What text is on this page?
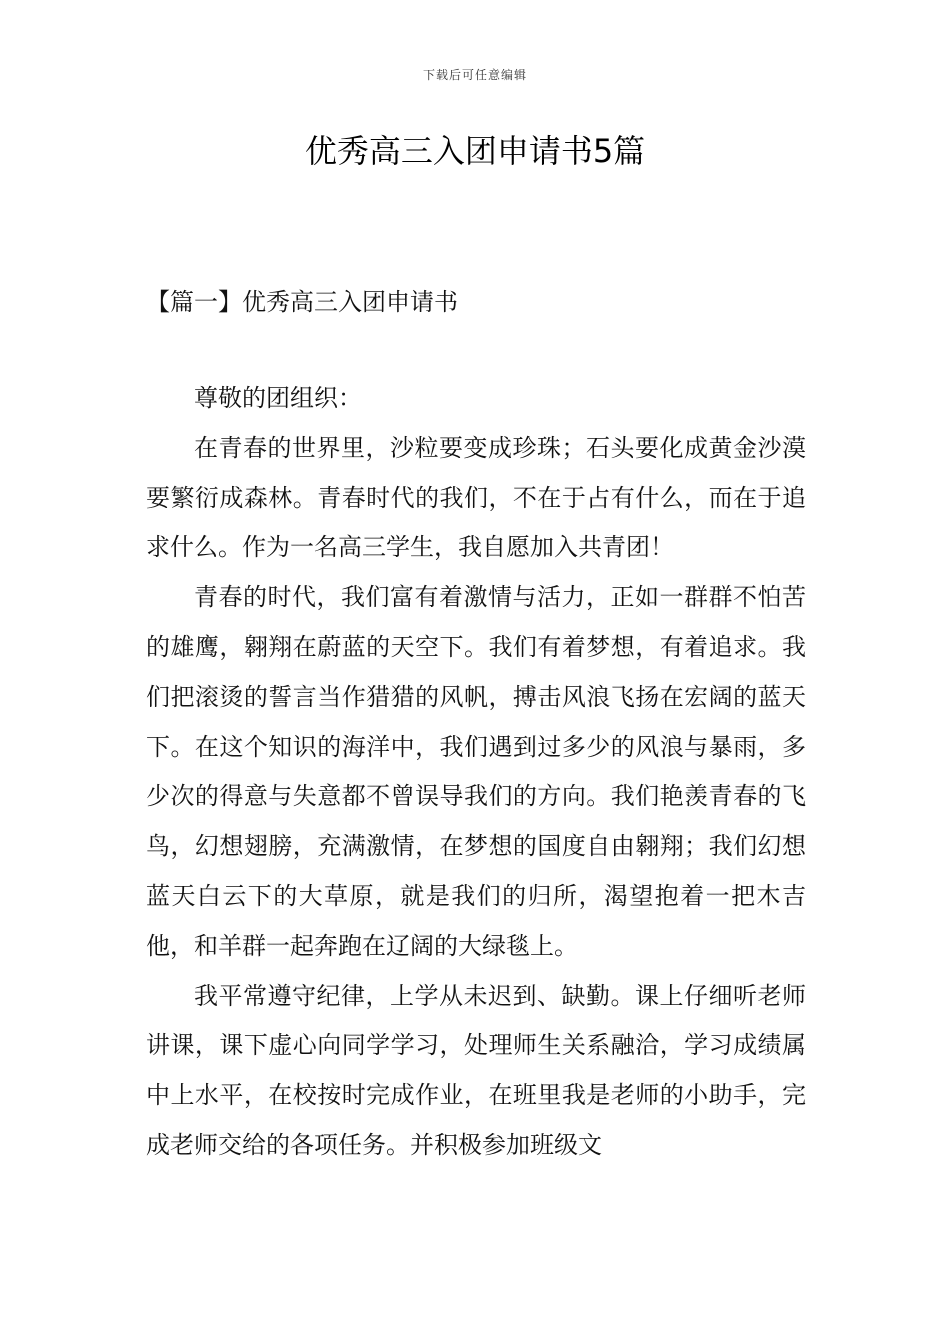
下载后可任意编辑
优秀高三入团申请书5篇
【篇一】优秀高三入团申请书

尊敬的团组织：

在青春的世界里，沙粒要变成珍珠；石头要化成黄金沙漠要繁衍成森林。青春时代的我们，不在于占有什么，而在于追求什么。作为一名高三学生，我自愿加入共青团！

青春的时代，我们富有着激情与活力，正如一群群不怕苦的雄鹰，翱翔在蔚蓝的天空下。我们有着梦想，有着追求。我们把滚烫的誓言当作猎猎的风帆，搏击风浪飞扬在宏阔的蓝天下。在这个知识的海洋中，我们遇到过多少的风浪与暴雨，多少次的得意与失意都不曾误导我们的方向。我们艳羡青春的飞鸟，幻想翅膀，充满激情，在梦想的国度自由翱翔；我们幻想蓝天白云下的大草原，就是我们的归所，渴望抱着一把木吉他，和羊群一起奔跑在辽阔的大绿毯上。

我平常遵守纪律，上学从未迟到、缺勤。课上仔细听老师讲课，课下虚心向同学学习，处理师生关系融洽，学习成绩属中上水平，在校按时完成作业，在班里我是老师的小助手，完成老师交给的各项任务。并积极参加班级文
